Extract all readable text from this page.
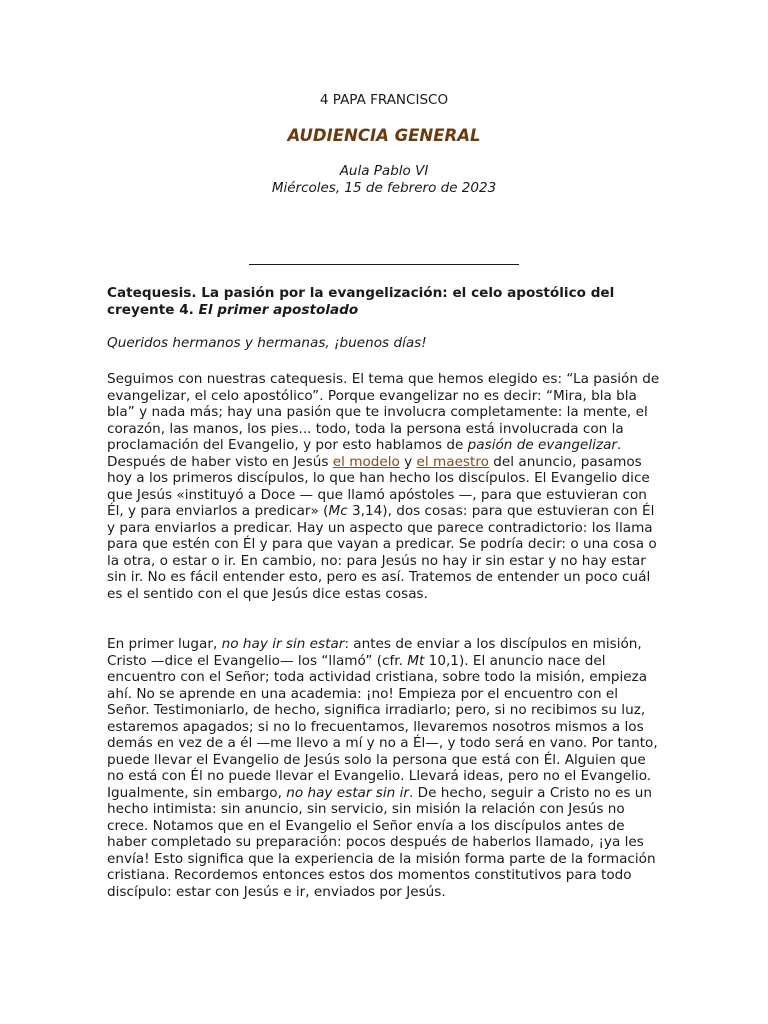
4 PAPA FRANCISCO
AUDIENCIA GENERAL
Aula Pablo VI
Miércoles, 15 de febrero de 2023
Catequesis. La pasión por la evangelización: el celo apostólico del creyente 4. El primer apostolado
Queridos hermanos y hermanas, ¡buenos días!
Seguimos con nuestras catequesis. El tema que hemos elegido es: “La pasión de evangelizar, el celo apostólico”. Porque evangelizar no es decir: “Mira, bla bla bla” y nada más; hay una pasión que te involucra completamente: la mente, el corazón, las manos, los pies... todo, toda la persona está involucrada con la proclamación del Evangelio, y por esto hablamos de pasión de evangelizar. Después de haber visto en Jesús el modelo y el maestro del anuncio, pasamos hoy a los primeros discípulos, lo que han hecho los discípulos. El Evangelio dice que Jesús «instituyó a Doce — que llamó apóstoles —, para que estuvieran con Él, y para enviarlos a predicar» (Mc 3,14), dos cosas: para que estuvieran con Él y para enviarlos a predicar. Hay un aspecto que parece contradictorio: los llama para que estén con Él y para que vayan a predicar. Se podría decir: o una cosa o la otra, o estar o ir. En cambio, no: para Jesús no hay ir sin estar y no hay estar sin ir. No es fácil entender esto, pero es así. Tratemos de entender un poco cuál es el sentido con el que Jesús dice estas cosas.
En primer lugar, no hay ir sin estar: antes de enviar a los discípulos en misión, Cristo —dice el Evangelio— los “llamó” (cfr. Mt 10,1). El anuncio nace del encuentro con el Señor; toda actividad cristiana, sobre todo la misión, empieza ahí. No se aprende en una academia: ¡no! Empieza por el encuentro con el Señor. Testimoniarlo, de hecho, significa irradiarlo; pero, si no recibimos su luz, estaremos apagados; si no lo frecuentamos, llevaremos nosotros mismos a los demás en vez de a él —me llevo a mí y no a Él—, y todo será en vano. Por tanto, puede llevar el Evangelio de Jesús solo la persona que está con Él. Alguien que no está con Él no puede llevar el Evangelio. Llevará ideas, pero no el Evangelio. Igualmente, sin embargo, no hay estar sin ir. De hecho, seguir a Cristo no es un hecho intimista: sin anuncio, sin servicio, sin misión la relación con Jesús no crece. Notamos que en el Evangelio el Señor envía a los discípulos antes de haber completado su preparación: pocos después de haberlos llamado, ¡ya les envía! Esto significa que la experiencia de la misión forma parte de la formación cristiana. Recordemos entonces estos dos momentos constitutivos para todo discípulo: estar con Jesús e ir, enviados por Jesús.
